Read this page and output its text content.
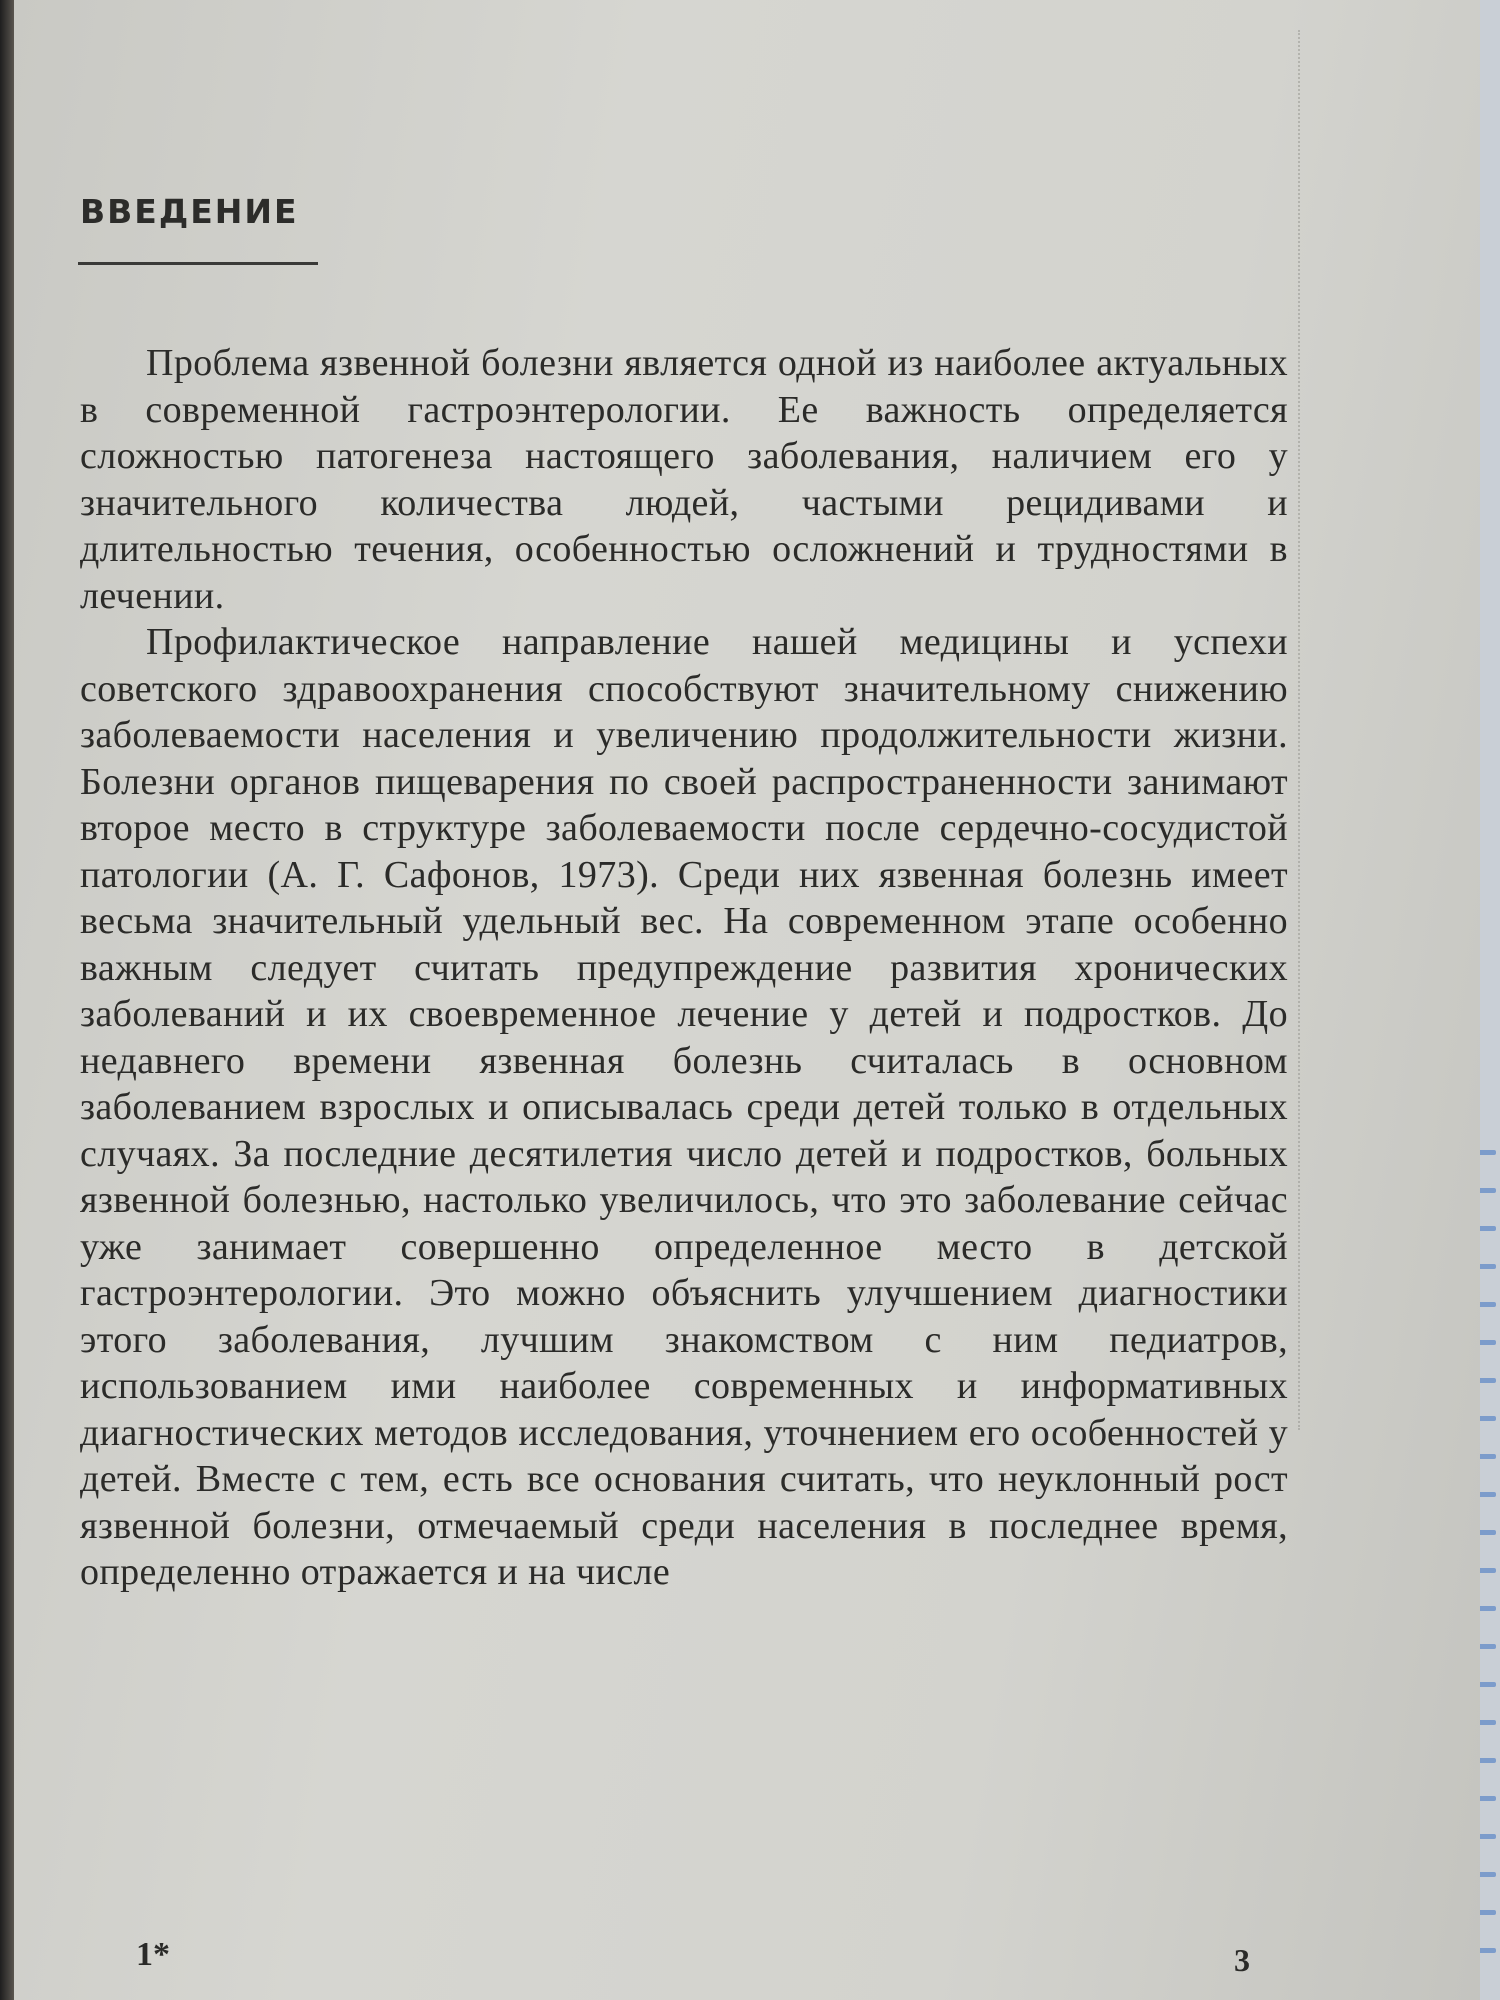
ВВЕДЕНИЕ

Проблема язвенной болезни является одной из наиболее актуальных в современной гастроэнтерологии. Ее важность определяется сложностью патогенеза настоящего заболевания, наличием его у значительного количества людей, частыми рецидивами и длительностью течения, особенностью осложнений и трудностями в лечении.

Профилактическое направление нашей медицины и успехи советского здравоохранения способствуют значительному снижению заболеваемости населения и увеличению продолжительности жизни. Болезни органов пищеварения по своей распространенности занимают второе место в структуре заболеваемости после сердечно-сосудистой патологии (А. Г. Сафонов, 1973). Среди них язвенная болезнь имеет весьма значительный удельный вес. На современном этапе особенно важным следует считать предупреждение развития хронических заболеваний и их своевременное лечение у детей и подростков. До недавнего времени язвенная болезнь считалась в основном заболеванием взрослых и описывалась среди детей только в отдельных случаях. За последние десятилетия число детей и подростков, больных язвенной болезнью, настолько увеличилось, что это заболевание сейчас уже занимает совершенно определенное место в детской гастроэнтерологии. Это можно объяснить улучшением диагностики этого заболевания, лучшим знакомством с ним педиатров, использованием ими наиболее современных и информативных диагностических методов исследования, уточнением его особенностей у детей. Вместе с тем, есть все основания считать, что неуклонный рост язвенной болезни, отмечаемый среди населения в последнее время, определенно отражается и на числе

1*	3
